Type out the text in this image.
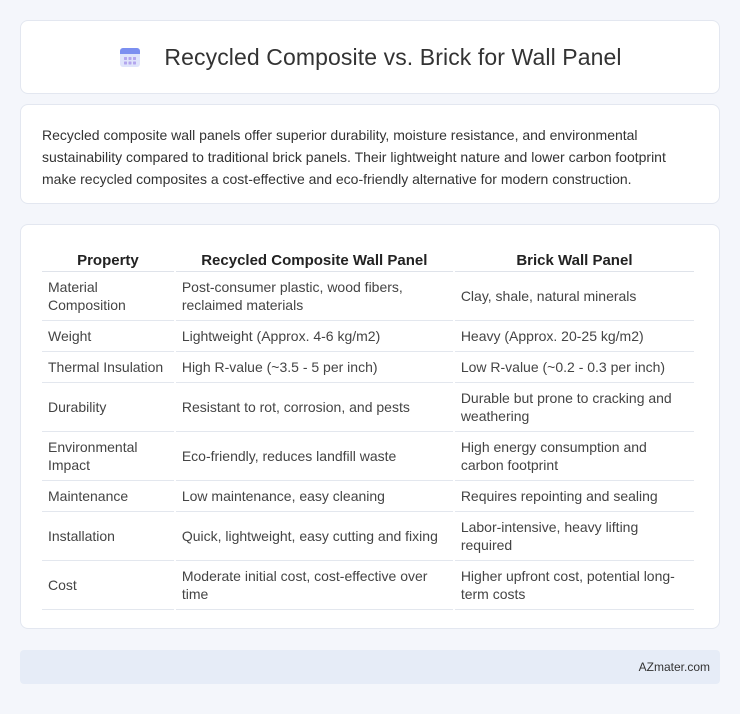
Recycled Composite vs. Brick for Wall Panel

Recycled composite wall panels offer superior durability, moisture resistance, and environmental sustainability compared to traditional brick panels. Their lightweight nature and lower carbon footprint make recycled composites a cost-effective and eco-friendly alternative for modern construction.

Property	Recycled Composite Wall Panel	Brick Wall Panel
Material Composition	Post-consumer plastic, wood fibers, reclaimed materials	Clay, shale, natural minerals
Weight	Lightweight (Approx. 4-6 kg/m2)	Heavy (Approx. 20-25 kg/m2)
Thermal Insulation	High R-value (~3.5 - 5 per inch)	Low R-value (~0.2 - 0.3 per inch)
Durability	Resistant to rot, corrosion, and pests	Durable but prone to cracking and weathering
Environmental Impact	Eco-friendly, reduces landfill waste	High energy consumption and carbon footprint
Maintenance	Low maintenance, easy cleaning	Requires repointing and sealing
Installation	Quick, lightweight, easy cutting and fixing	Labor-intensive, heavy lifting required
Cost	Moderate initial cost, cost-effective over time	Higher upfront cost, potential long-term costs
AZmater.com
